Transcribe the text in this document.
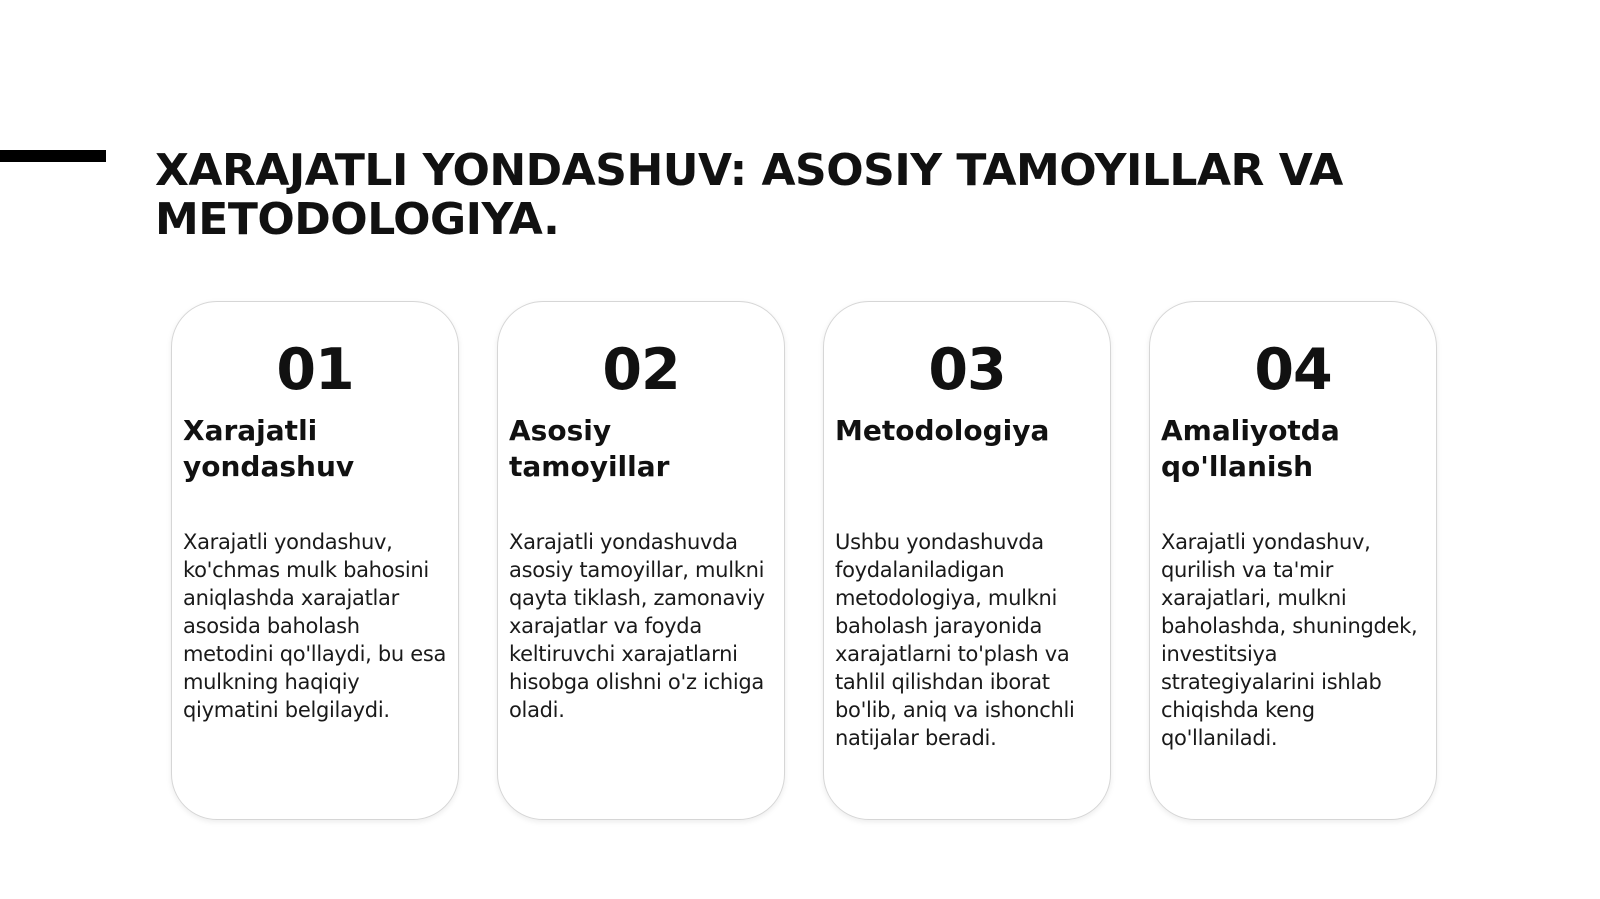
XARAJATLI YONDASHUV: ASOSIY TAMOYILLAR VA METODOLOGIYA.
01
Xarajatli yondashuv

Xarajatli yondashuv, ko'chmas mulk bahosini aniqlashda xarajatlar asosida baholash metodini qo'llaydi, bu esa mulkning haqiqiy qiymatini belgilaydi.

02
Asosiy tamoyillar

Xarajatli yondashuvda asosiy tamoyillar, mulkni qayta tiklash, zamonaviy xarajatlar va foyda keltiruvchi xarajatlarni hisobga olishni o'z ichiga oladi.

03
Metodologiya

Ushbu yondashuvda foydalaniladigan metodologiya, mulkni baholash jarayonida xarajatlarni to'plash va tahlil qilishdan iborat bo'lib, aniq va ishonchli natijalar beradi.

04
Amaliyotda qo'llanish

Xarajatli yondashuv, qurilish va ta'mir xarajatlari, mulkni baholashda, shuningdek, investitsiya strategiyalarini ishlab chiqishda keng qo'llaniladi.
